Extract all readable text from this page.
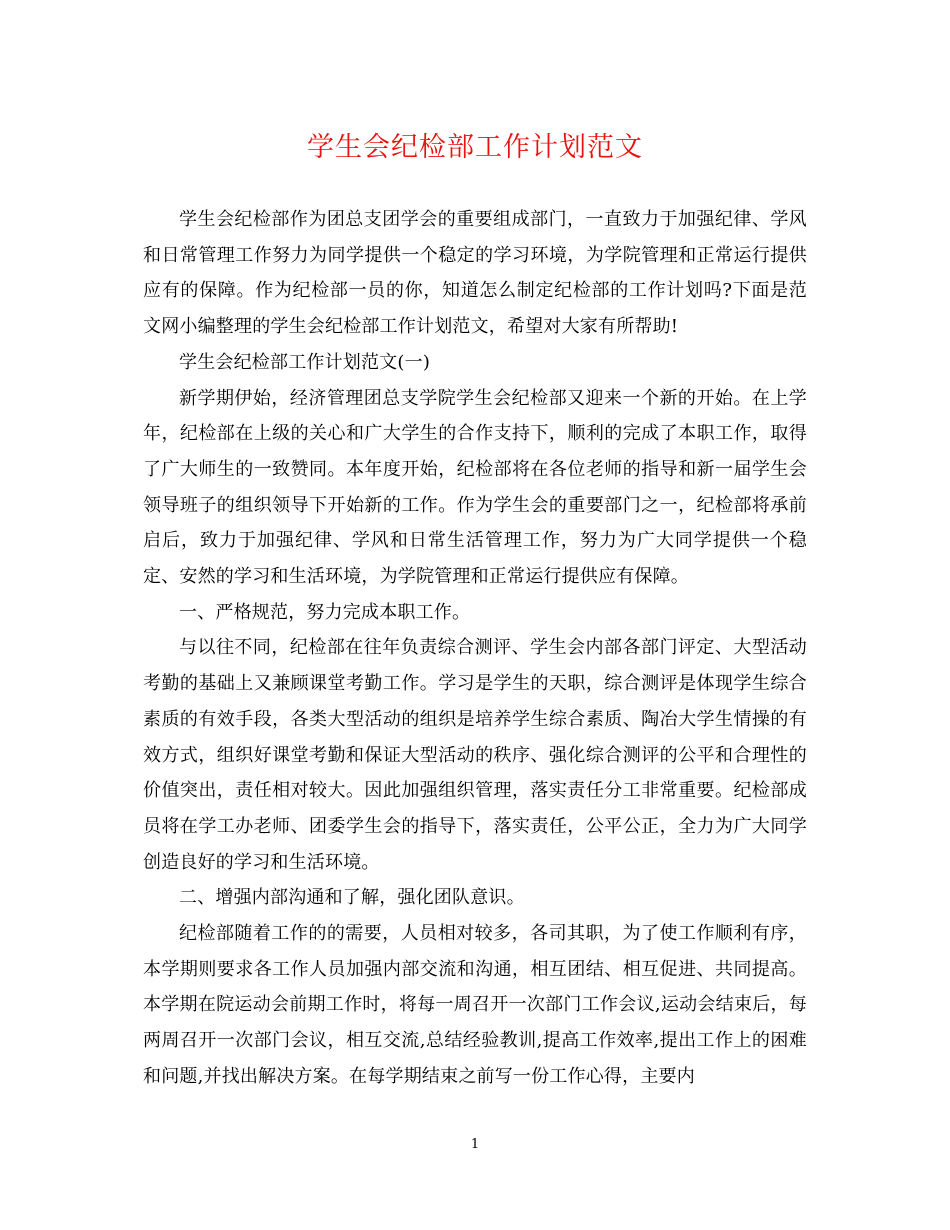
学生会纪检部工作计划范文

学生会纪检部作为团总支团学会的重要组成部门，一直致力于加强纪律、学风和日常管理工作努力为同学提供一个稳定的学习环境，为学院管理和正常运行提供应有的保障。作为纪检部一员的你，知道怎么制定纪检部的工作计划吗?下面是范文网小编整理的学生会纪检部工作计划范文，希望对大家有所帮助!

学生会纪检部工作计划范文(一)

新学期伊始，经济管理团总支学院学生会纪检部又迎来一个新的开始。在上学年，纪检部在上级的关心和广大学生的合作支持下，顺利的完成了本职工作，取得了广大师生的一致赞同。本年度开始，纪检部将在各位老师的指导和新一届学生会领导班子的组织领导下开始新的工作。作为学生会的重要部门之一，纪检部将承前启后，致力于加强纪律、学风和日常生活管理工作，努力为广大同学提供一个稳定、安然的学习和生活环境，为学院管理和正常运行提供应有保障。

一、严格规范，努力完成本职工作。

与以往不同，纪检部在往年负责综合测评、学生会内部各部门评定、大型活动考勤的基础上又兼顾课堂考勤工作。学习是学生的天职，综合测评是体现学生综合素质的有效手段，各类大型活动的组织是培养学生综合素质、陶冶大学生情操的有效方式，组织好课堂考勤和保证大型活动的秩序、强化综合测评的公平和合理性的价值突出，责任相对较大。因此加强组织管理，落实责任分工非常重要。纪检部成员将在学工办老师、团委学生会的指导下，落实责任，公平公正，全力为广大同学创造良好的学习和生活环境。

二、增强内部沟通和了解，强化团队意识。

纪检部随着工作的的需要，人员相对较多，各司其职，为了使工作顺利有序，本学期则要求各工作人员加强内部交流和沟通，相互团结、相互促进、共同提高。本学期在院运动会前期工作时，将每一周召开一次部门工作会议,运动会结束后，每两周召开一次部门会议，相互交流,总结经验教训,提高工作效率,提出工作上的困难和问题,并找出解决方案。在每学期结束之前写一份工作心得，主要内

1
